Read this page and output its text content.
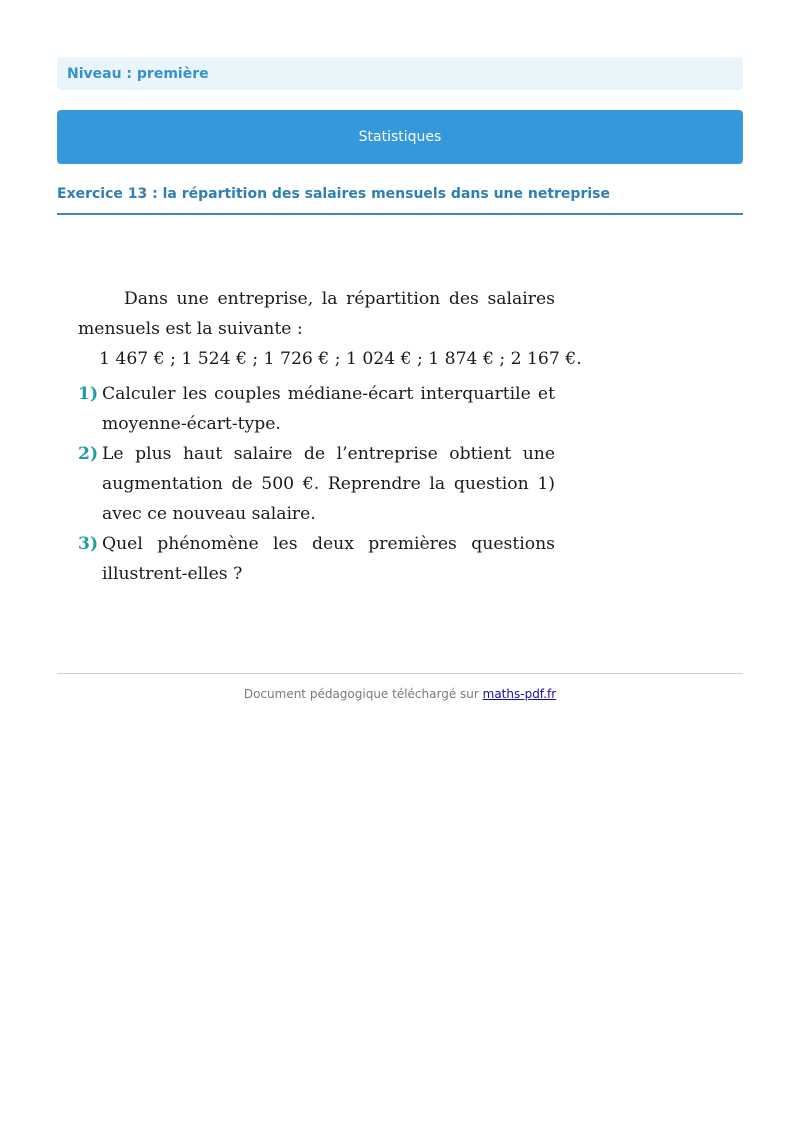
Niveau : première
Statistiques
Exercice 13 : la répartition des salaires mensuels dans une netreprise

Dans une entreprise, la répartition des salaires mensuels est la suivante :

1 467 € ; 1 524 € ; 1 726 € ; 1 024 € ; 1 874 € ; 2 167 €.

1) Calculer les couples médiane-écart interquartile et moyenne-écart-type.
2) Le plus haut salaire de l’entreprise obtient une augmentation de 500 €. Reprendre la question 1) avec ce nouveau salaire.
3) Quel phénomène les deux premières questions illustrent-elles ?
Document pédagogique téléchargé sur maths-pdf.fr
